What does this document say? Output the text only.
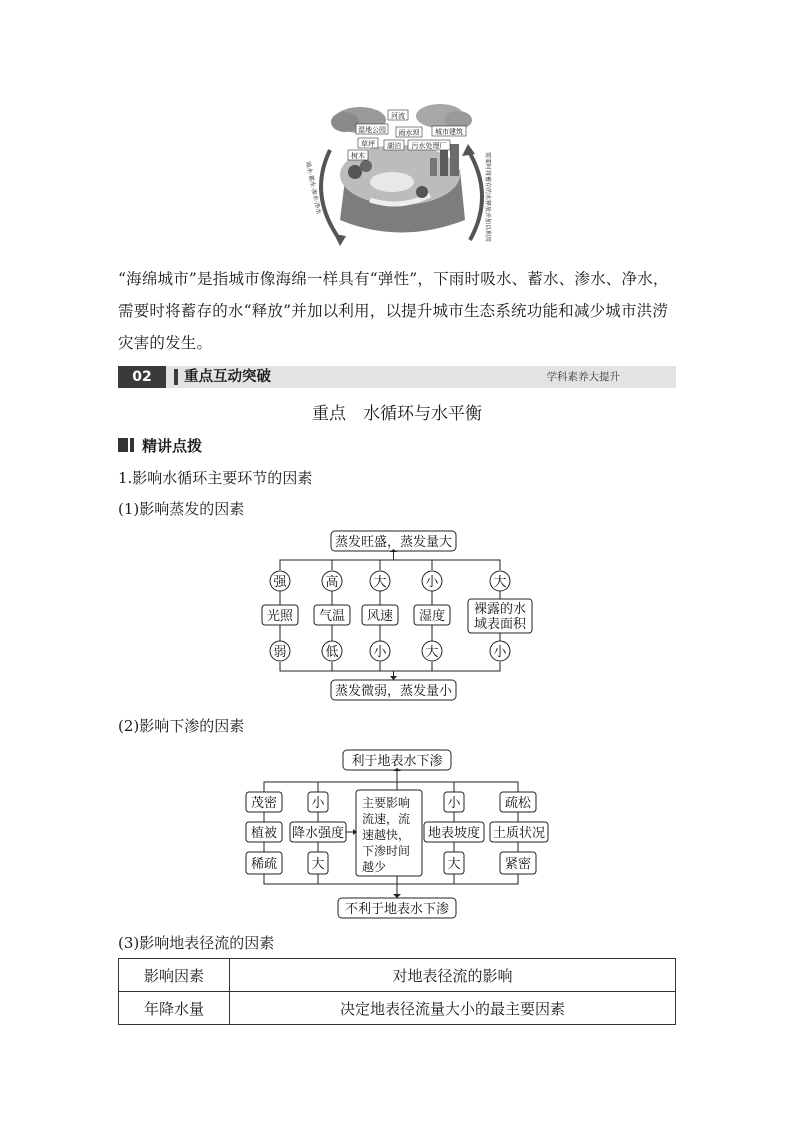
河流
湿地公园 雨水坝 城市建筑
草坪 湖泊 污水处理厂
树木
吸水·蓄水·渗水·净水	需要时将蓄存的水释放并加以利用
“海绵城市”是指城市像海绵一样具有“弹性”，下雨时吸水、蓄水、渗水、净水，需要时将蓄存的水“释放”并加以利用，以提升城市生态系统功能和减少城市洪涝灾害的发生。
02	重点互动突破	学科素养大提升
重点　水循环与水平衡
精讲点拨
1.影响水循环主要环节的因素
(1)影响蒸发的因素
蒸发旺盛，蒸发量大
蒸发微弱，蒸发量小
强	高	大	小	大
光照 气温 风速 湿度 裸露的水
域表面积
弱	低	小	大	小
(2)影响下渗的因素
利于地表水下渗
不利于地表水下渗
茂密
植被
稀疏
小
降水强度
大
小
地表坡度
大
疏松
土质状况
紧密
主要影响
流速，流
速越快，
下渗时间
越少
(3)影响地表径流的因素
影响因素	对地表径流的影响
年降水量	决定地表径流量大小的最主要因素
